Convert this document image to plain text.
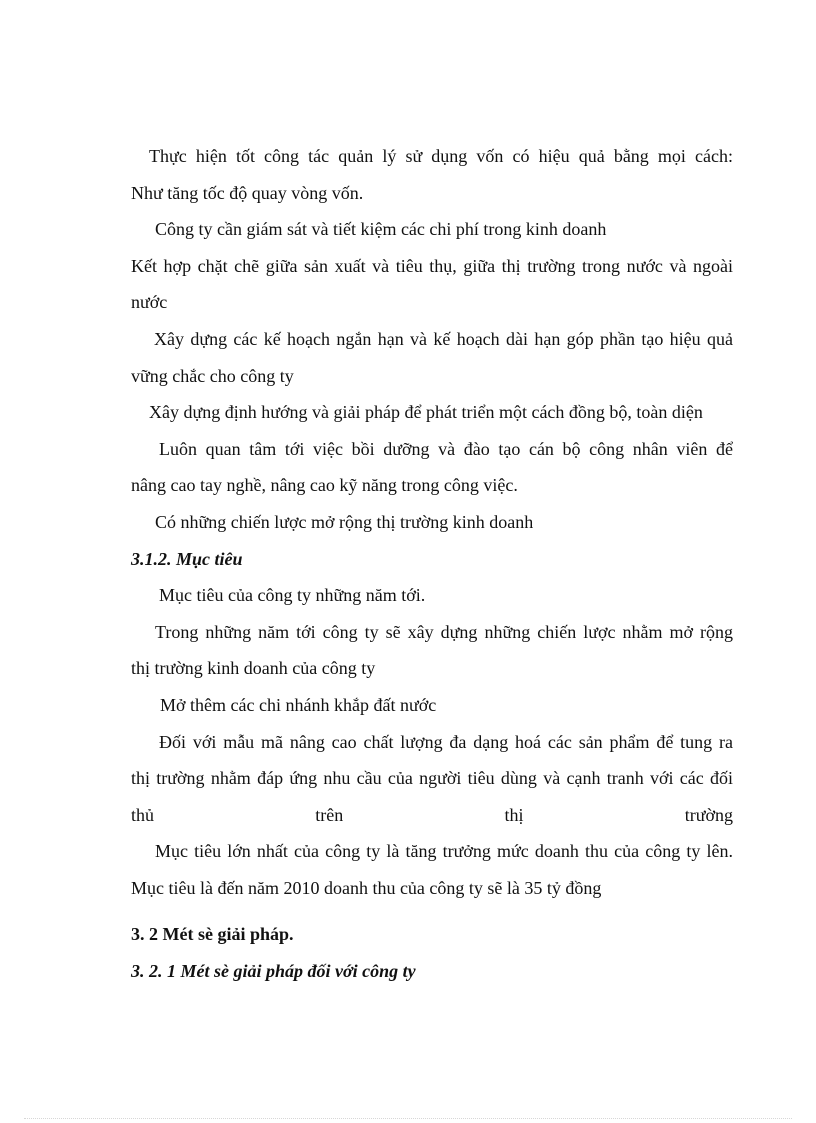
Thực hiện tốt công tác quản lý sử dụng vốn có hiệu quả bằng mọi cách:
Như tăng tốc độ quay vòng vốn.
Công ty cần giám sát và tiết kiệm các chi phí trong kinh doanh
Kết hợp chặt chẽ giữa sản xuất và tiêu thụ, giữa thị trường trong nước và ngoài
nước
Xây dựng các kế hoạch ngắn hạn và kế hoạch dài hạn góp phần tạo hiệu quả
vững chắc cho công ty
Xây dựng định hướng và giải pháp để phát triển một cách đồng bộ, toàn diện
Luôn quan tâm tới việc bồi dưỡng và đào tạo cán bộ công nhân viên để
nâng cao tay nghề, nâng cao kỹ năng trong công việc.
Có những chiến lược mở rộng thị trường kinh doanh
3.1.2. Mục tiêu
Mục tiêu của công ty những năm tới.
Trong những năm tới công ty sẽ xây dựng những chiến lược nhằm mở rộng
thị trường kinh doanh của công ty
Mở thêm các chi nhánh khắp đất nước
Đối với mẫu mã nâng cao chất lượng đa dạng hoá các sản phẩm để tung ra
thị trường nhằm đáp ứng nhu cầu của người tiêu dùng và cạnh tranh với các đối
thủ	trên	thị	trường
Mục tiêu lớn nhất của công ty là tăng trưởng mức doanh thu của công ty lên.
Mục tiêu là đến năm 2010 doanh thu của công ty sẽ là 35 tỷ đồng
3. 2 Mét sè giải pháp.
3. 2. 1 Mét sè giải pháp đối với công ty
